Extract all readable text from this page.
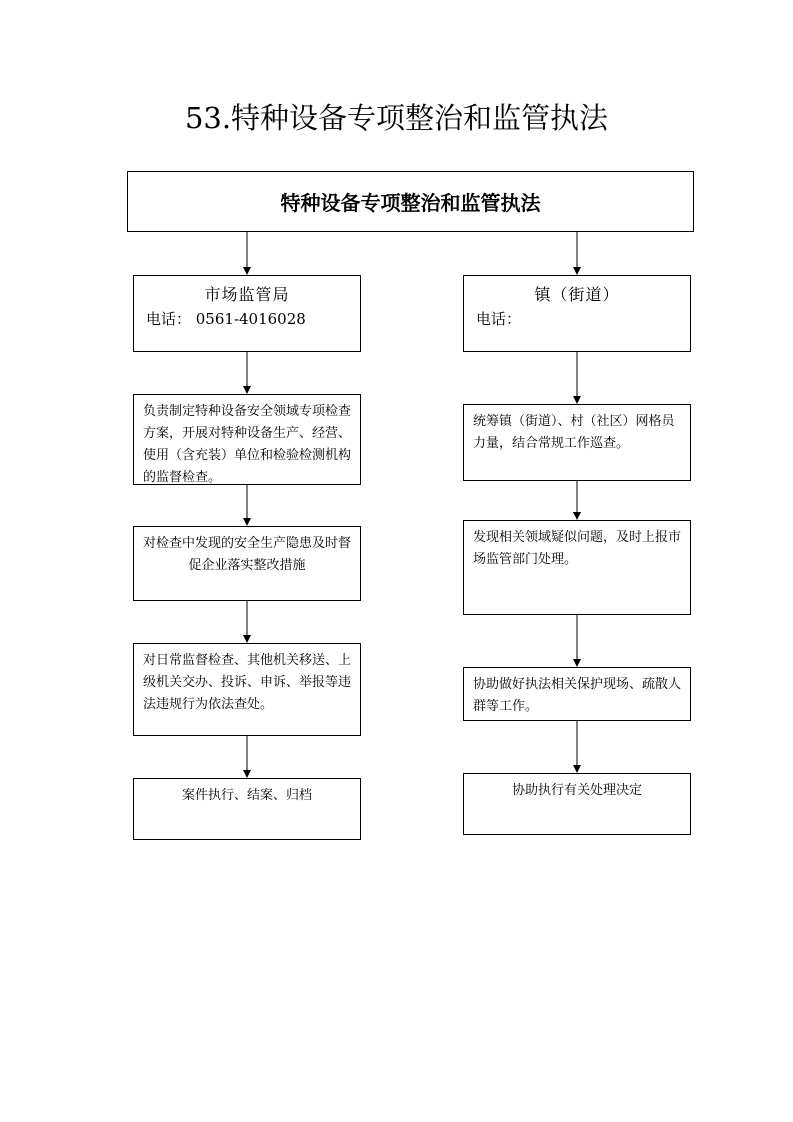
53.特种设备专项整治和监管执法
特种设备专项整治和监管执法
市场监管局
电话： 0561-4016028
负责制定特种设备安全领域专项检查方案，开展对特种设备生产、经营、使用（含充装）单位和检验检测机构的监督检查。
对检查中发现的安全生产隐患及时督促企业落实整改措施
对日常监督检查、其他机关移送、上级机关交办、投诉、申诉、举报等违法违规行为依法查处。
案件执行、结案、归档
镇（街道）
电话：
统筹镇（街道）、村（社区）网格员力量，结合常规工作巡查。
发现相关领域疑似问题，及时上报市场监管部门处理。
协助做好执法相关保护现场、疏散人群等工作。
协助执行有关处理决定
